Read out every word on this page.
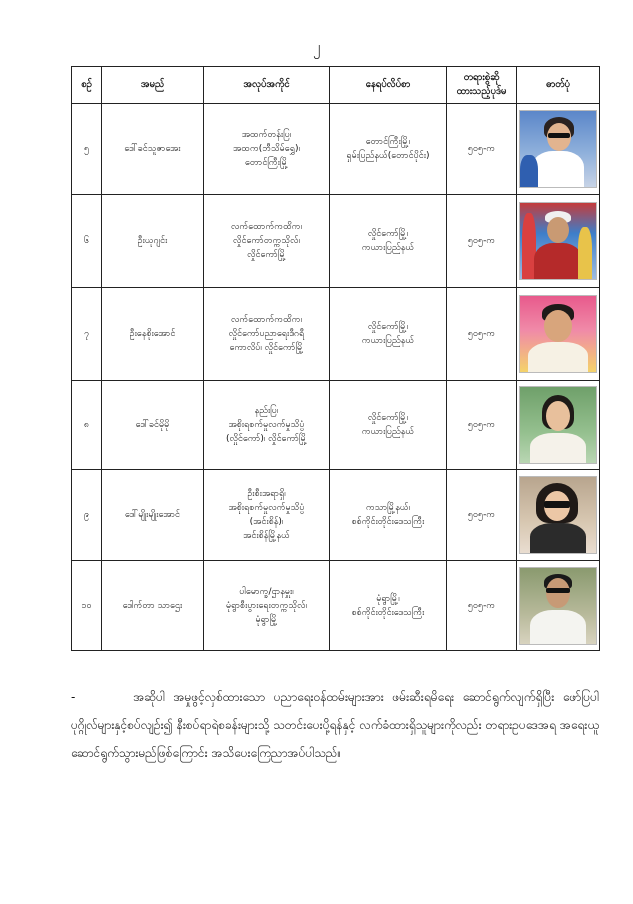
၂
စဉ်	အမည်	အလုပ်အကိုင်	နေရပ်လိပ်စာ	တရားစွဲဆို
ထားသည့်ပုဒ်မ	ဓာတ်ပုံ
၅	ဒေါ်ခင်သူဇာအေး	အထက်တန်းပြ၊
အထက(ဘီသိမ်ရွှေ)၊
တောင်ကြီးမြို့	တောင်ကြီးမြို့၊
ရှမ်းပြည်နယ်(တောင်ပိုင်း)	၅၀၅-က	

၆	ဦးယုဂျင်း	လက်ထောက်ကထိက၊
လှိုင်ကော်တက္ကသိုလ်၊
လှိုင်ကော်မြို့	လှိုင်ကော်မြို့၊
ကယားပြည်နယ်	၅၀၅-က	

၇	ဦးနေစိုးအောင်	လက်ထောက်ကထိက၊
လှိုင်ကော်ပညာရေးဒီဂရီ
ကောလိပ်၊ လှိုင်ကော်မြို့	လှိုင်ကော်မြို့၊
ကယားပြည်နယ်	၅၀၅-က	

၈	ဒေါ်ခင်မိုမို	နည်းပြ၊
အစိုးရစက်မှုလက်မှုသိပ္ပံ
(လှိုင်ကော်)၊ လှိုင်ကော်မြို့	လှိုင်ကော်မြို့၊
ကယားပြည်နယ်	၅၀၅-က	

၉	ဒေါ်မျိုးမျိုးအောင်	ဦးစီးအရာရှိ၊
အစိုးရစက်မှုလက်မှုသိပ္ပံ
(အင်းစိန်)၊
အင်းစိန်မြို့နယ်	ကသာမြို့နယ်၊
စစ်ကိုင်းတိုင်းဒေသကြီး	၅၀၅-က	

၁၀	ဒေါက်တာ သာဌေး	ပါမောက္ခ/ဌာနမှူး၊
မုံရွာစီးပွားရေးတက္ကသိုလ်၊
မုံရွာမြို့	မုံရွာမြို့၊
စစ်ကိုင်းတိုင်းဒေသကြီး	၅၀၅-က	
-	အဆိုပါ အမှုဖွင့်လှစ်ထားသော ပညာရေးဝန်ထမ်းများအား ဖမ်းဆီးရမိရေး ဆောင်ရွက်လျက်ရှိပြီး ဖော်ပြပါပုဂ္ဂိုလ်များနှင့်စပ်လျဉ်း၍ နီးစပ်ရာရဲစခန်းများသို့ သတင်းပေးပို့ရန်နှင့် လက်ခံထားရှိသူများကိုလည်း တရားဥပဒေအရ အရေးယူဆောင်ရွက်သွားမည်ဖြစ်ကြောင်း အသိပေးကြေညာအပ်ပါသည်။
